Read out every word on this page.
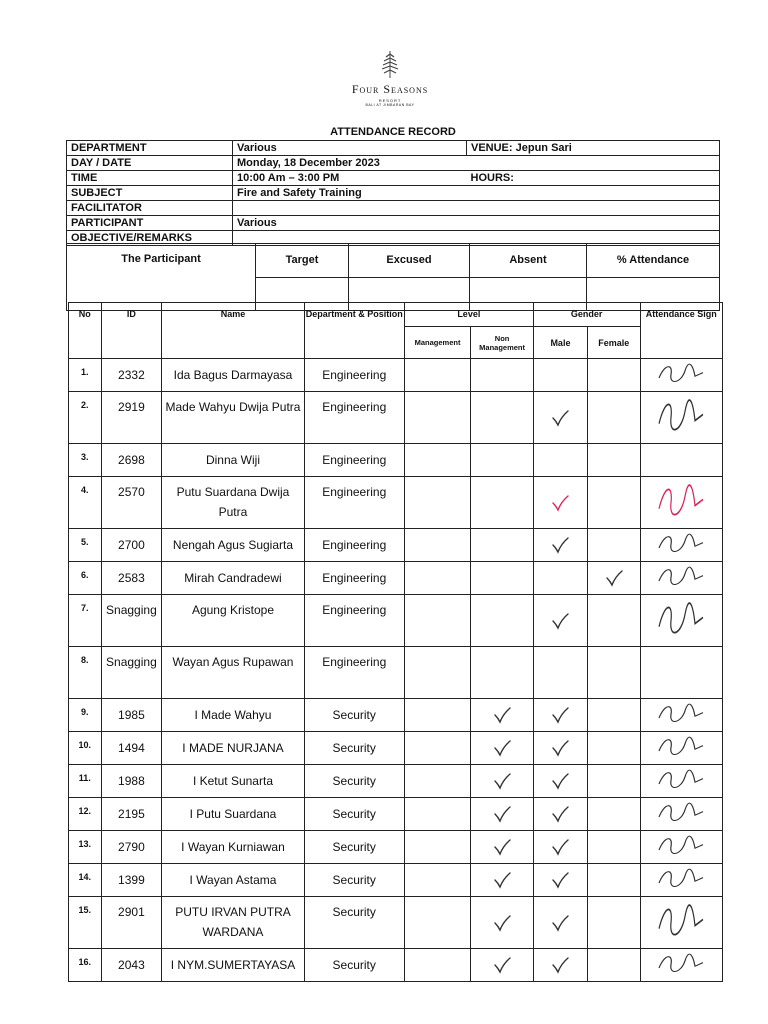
Four Seasons
RESORT
BALI AT JIMBARAN BAY
ATTENDANCE RECORD
DEPARTMENT	Various	VENUE: Jepun Sari
DAY / DATE	Monday, 18 December 2023	
TIME	10:00 Am – 3:00 PM	HOURS:
SUBJECT	Fire and Safety Training	
FACILITATOR		
PARTICIPANT	Various	
OBJECTIVE/REMARKS		
The Participant	Target	Excused	Absent	% Attendance

No	ID	Name	Department & Position	Level		Gender		Attendance Sign
				Management	Non Management	Male	Female	
1.	2332	Ida Bagus Darmayasa	Engineering					
2.	2919	Made Wahyu Dwija Putra	Engineering			

3.	2698	Dinna Wiji	Engineering					
4.	2570	Putu Suardana Dwija Putra	Engineering			

5.	2700	Nengah Agus Sugiarta	Engineering			

6.	2583	Mirah Candradewi	Engineering				

7.	Snagging	Agung Kristope	Engineering			

8.	Snagging	Wayan Agus Rupawan	Engineering					
9.	1985	I Made Wahyu	Security		

10.	1494	I MADE NURJANA	Security		

11.	1988	I Ketut Sunarta	Security		

12.	2195	I Putu Suardana	Security		

13.	2790	I Wayan Kurniawan	Security		

14.	1399	I Wayan Astama	Security		

15.	2901	PUTU IRVAN PUTRA WARDANA	Security		

16.	2043	I NYM.SUMERTAYASA	Security		
